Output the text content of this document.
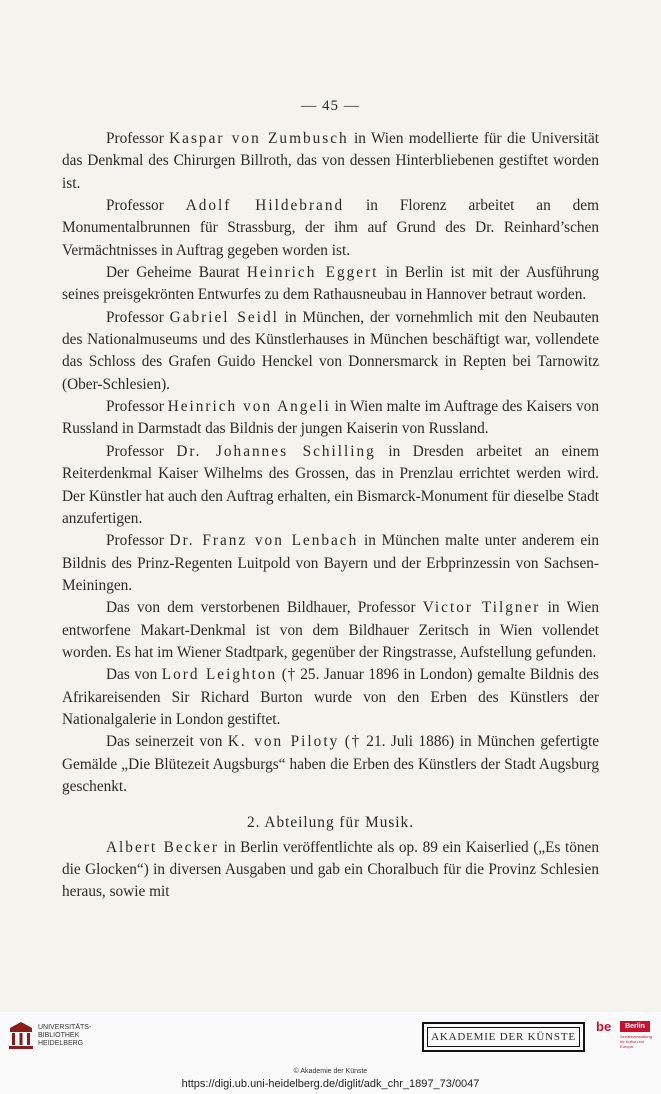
— 45 —

Professor Kaspar von Zumbusch in Wien modellierte für die Universität das Denkmal des Chirurgen Billroth, das von dessen Hinterbliebenen gestiftet worden ist.

Professor Adolf Hildebrand in Florenz arbeitet an dem Monumentalbrunnen für Strassburg, der ihm auf Grund des Dr. Reinhard’schen Vermächtnisses in Auftrag gegeben worden ist.

Der Geheime Baurat Heinrich Eggert in Berlin ist mit der Ausführung seines preisgekrönten Entwurfes zu dem Rathausneubau in Hannover betraut worden.

Professor Gabriel Seidl in München, der vornehmlich mit den Neubauten des Nationalmuseums und des Künstlerhauses in München beschäftigt war, vollendete das Schloss des Grafen Guido Henckel von Donnersmarck in Repten bei Tarnowitz (Ober-Schlesien).

Professor Heinrich von Angeli in Wien malte im Auftrage des Kaisers von Russland in Darmstadt das Bildnis der jungen Kaiserin von Russland.

Professor Dr. Johannes Schilling in Dresden arbeitet an einem Reiterdenkmal Kaiser Wilhelms des Grossen, das in Prenzlau errichtet werden wird. Der Künstler hat auch den Auftrag erhalten, ein Bismarck-Monument für dieselbe Stadt anzufertigen.

Professor Dr. Franz von Lenbach in München malte unter anderem ein Bildnis des Prinz-Regenten Luitpold von Bayern und der Erbprinzessin von Sachsen-Meiningen.

Das von dem verstorbenen Bildhauer, Professor Victor Tilgner in Wien entworfene Makart-Denkmal ist von dem Bildhauer Zeritsch in Wien vollendet worden. Es hat im Wiener Stadtpark, gegenüber der Ringstrasse, Aufstellung gefunden.

Das von Lord Leighton († 25. Januar 1896 in London) gemalte Bildnis des Afrikareisenden Sir Richard Burton wurde von den Erben des Künstlers der Nationalgalerie in London gestiftet.

Das seinerzeit von K. von Piloty († 21. Juli 1886) in München gefertigte Gemälde „Die Blütezeit Augsburgs“ haben die Erben des Künstlers der Stadt Augsburg geschenkt.

2. Abteilung für Musik.

Albert Becker in Berlin veröffentlichte als op. 89 ein Kaiserlied („Es tönen die Glocken“) in diversen Ausgaben und gab ein Choralbuch für die Provinz Schlesien heraus, sowie mit

UNIVERSITÄTS-
BIBLIOTHEK
HEIDELBERG
AKADEMIE DER KÜNSTE
be	Berlin
Senatsverwaltung
für Kultur und Europa
© Akademie der Künste
https://digi.ub.uni-heidelberg.de/diglit/adk_chr_1897_73/0047
